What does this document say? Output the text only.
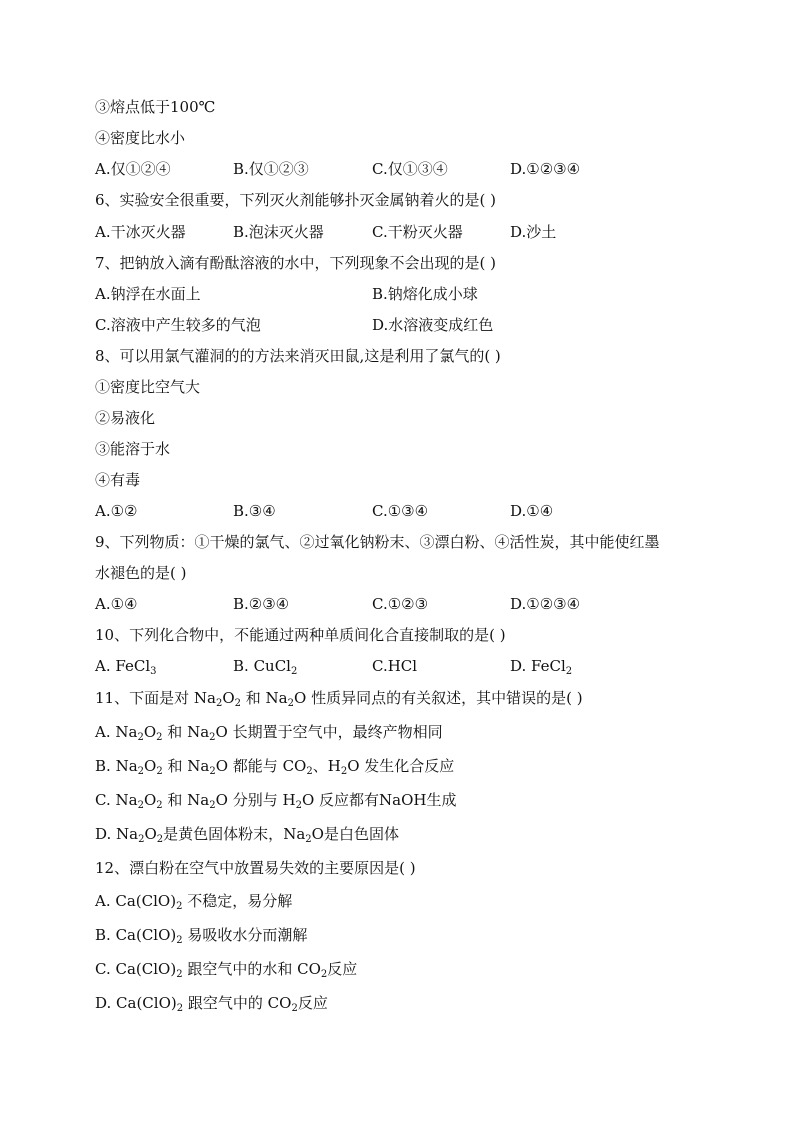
③熔点低于100℃
④密度比水小
A.仅①②④	B.仅①②③	C.仅①③④	D.①②③④
6、实验安全很重要，下列灭火剂能够扑灭金属钠着火的是( )
A.干冰灭火器	B.泡沫灭火器	C.干粉灭火器	D.沙土
7、把钠放入滴有酚酞溶液的水中，下列现象不会出现的是( )
A.钠浮在水面上	B.钠熔化成小球
C.溶液中产生较多的气泡	D.水溶液变成红色
8、可以用氯气灌洞的的方法来消灭田鼠,这是利用了氯气的( )
①密度比空气大
②易液化
③能溶于水
④有毒
A.①②	B.③④	C.①③④	D.①④
9、下列物质：①干燥的氯气、②过氧化钠粉末、③漂白粉、④活性炭，其中能使红墨
水褪色的是( )
A.①④	B.②③④	C.①②③	D.①②③④
10、下列化合物中，不能通过两种单质间化合直接制取的是( )
A. FeCl$_3$	B. CuCl$_2$	C.HCl	D. FeCl$_2$
11、下面是对 $Na_2O_2$ 和 $Na_2O$ 性质异同点的有关叙述，其中错误的是( )
A. $Na_2O_2$ 和 $Na_2O$ 长期置于空气中，最终产物相同
B. $Na_2O_2$ 和 $Na_2O$ 都能与 $CO_2$、$H_2O$ 发生化合反应
C. $Na_2O_2$ 和 $Na_2O$ 分别与 $H_2O$ 反应都有NaOH生成
D. $Na_2O_2$是黄色固体粉末，$Na_2O$是白色固体
12、漂白粉在空气中放置易失效的主要原因是( )
A. $Ca(ClO)_2$ 不稳定，易分解
B. $Ca(ClO)_2$ 易吸收水分而潮解
C. $Ca(ClO)_2$ 跟空气中的水和 $CO_2$反应
D. $Ca(ClO)_2$ 跟空气中的 $CO_2$反应
